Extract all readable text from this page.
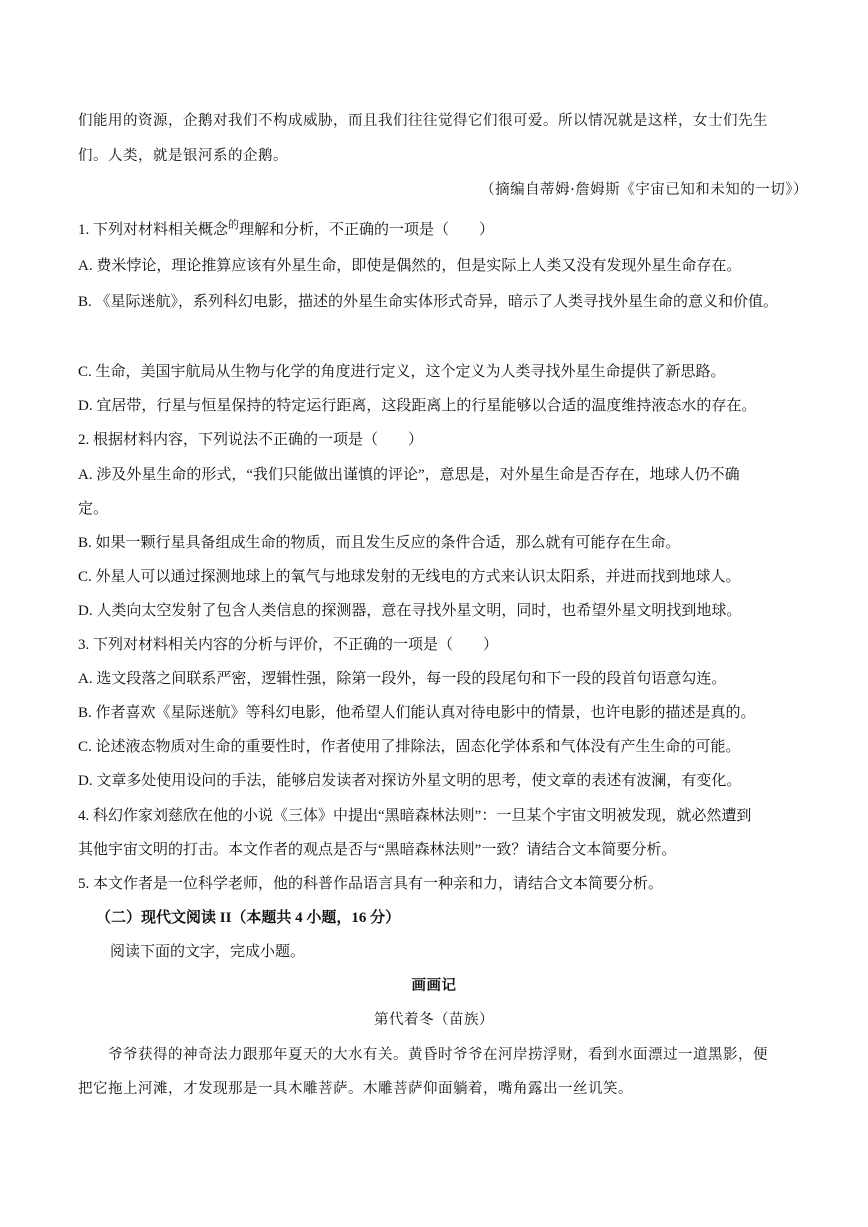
们能用的资源，企鹅对我们不构成威胁，而且我们往往觉得它们很可爱。所以情况就是这样，女士们先生
们。人类，就是银河系的企鹅。
（摘编自蒂姆·詹姆斯《宇宙已知和未知的一切》）
1. 下列对材料相关概念$^的$理解和分析，不正确的一项是（　　）
A. 费米悖论，理论推算应该有外星生命，即使是偶然的，但是实际上人类又没有发现外星生命存在。
B. 《星际迷航》，系列科幻电影，描述的外星生命实体形式奇异，暗示了人类寻找外星生命的意义和价值。
C. 生命，美国宇航局从生物与化学的角度进行定义，这个定义为人类寻找外星生命提供了新思路。
D. 宜居带，行星与恒星保持的特定运行距离，这段距离上的行星能够以合适的温度维持液态水的存在。
2. 根据材料内容，下列说法不正确的一项是（　　）
A. 涉及外星生命的形式，“我们只能做出谨慎的评论”，意思是，对外星生命是否存在，地球人仍不确
定。
B. 如果一颗行星具备组成生命的物质，而且发生反应的条件合适，那么就有可能存在生命。
C. 外星人可以通过探测地球上的氧气与地球发射的无线电的方式来认识太阳系，并进而找到地球人。
D. 人类向太空发射了包含人类信息的探测器，意在寻找外星文明，同时，也希望外星文明找到地球。
3. 下列对材料相关内容的分析与评价，不正确的一项是（　　）
A. 选文段落之间联系严密，逻辑性强，除第一段外，每一段的段尾句和下一段的段首句语意勾连。
B. 作者喜欢《星际迷航》等科幻电影，他希望人们能认真对待电影中的情景，也许电影的描述是真的。
C. 论述液态物质对生命的重要性时，作者使用了排除法，固态化学体系和气体没有产生生命的可能。
D. 文章多处使用设问的手法，能够启发读者对探访外星文明的思考，使文章的表述有波澜，有变化。
4. 科幻作家刘慈欣在他的小说《三体》中提出“黑暗森林法则”：一旦某个宇宙文明被发现，就必然遭到
其他宇宙文明的打击。本文作者的观点是否与“黑暗森林法则”一致？请结合文本简要分析。
5. 本文作者是一位科学老师，他的科普作品语言具有一种亲和力，请结合文本简要分析。
（二）现代文阅读 II（本题共 4 小题，16 分）
阅读下面的文字，完成小题。
画画记
第代着冬（苗族）
爷爷获得的神奇法力跟那年夏天的大水有关。黄昏时爷爷在河岸捞浮财，看到水面漂过一道黑影，便
把它拖上河滩，才发现那是一具木雕菩萨。木雕菩萨仰面躺着，嘴角露出一丝讥笑。
